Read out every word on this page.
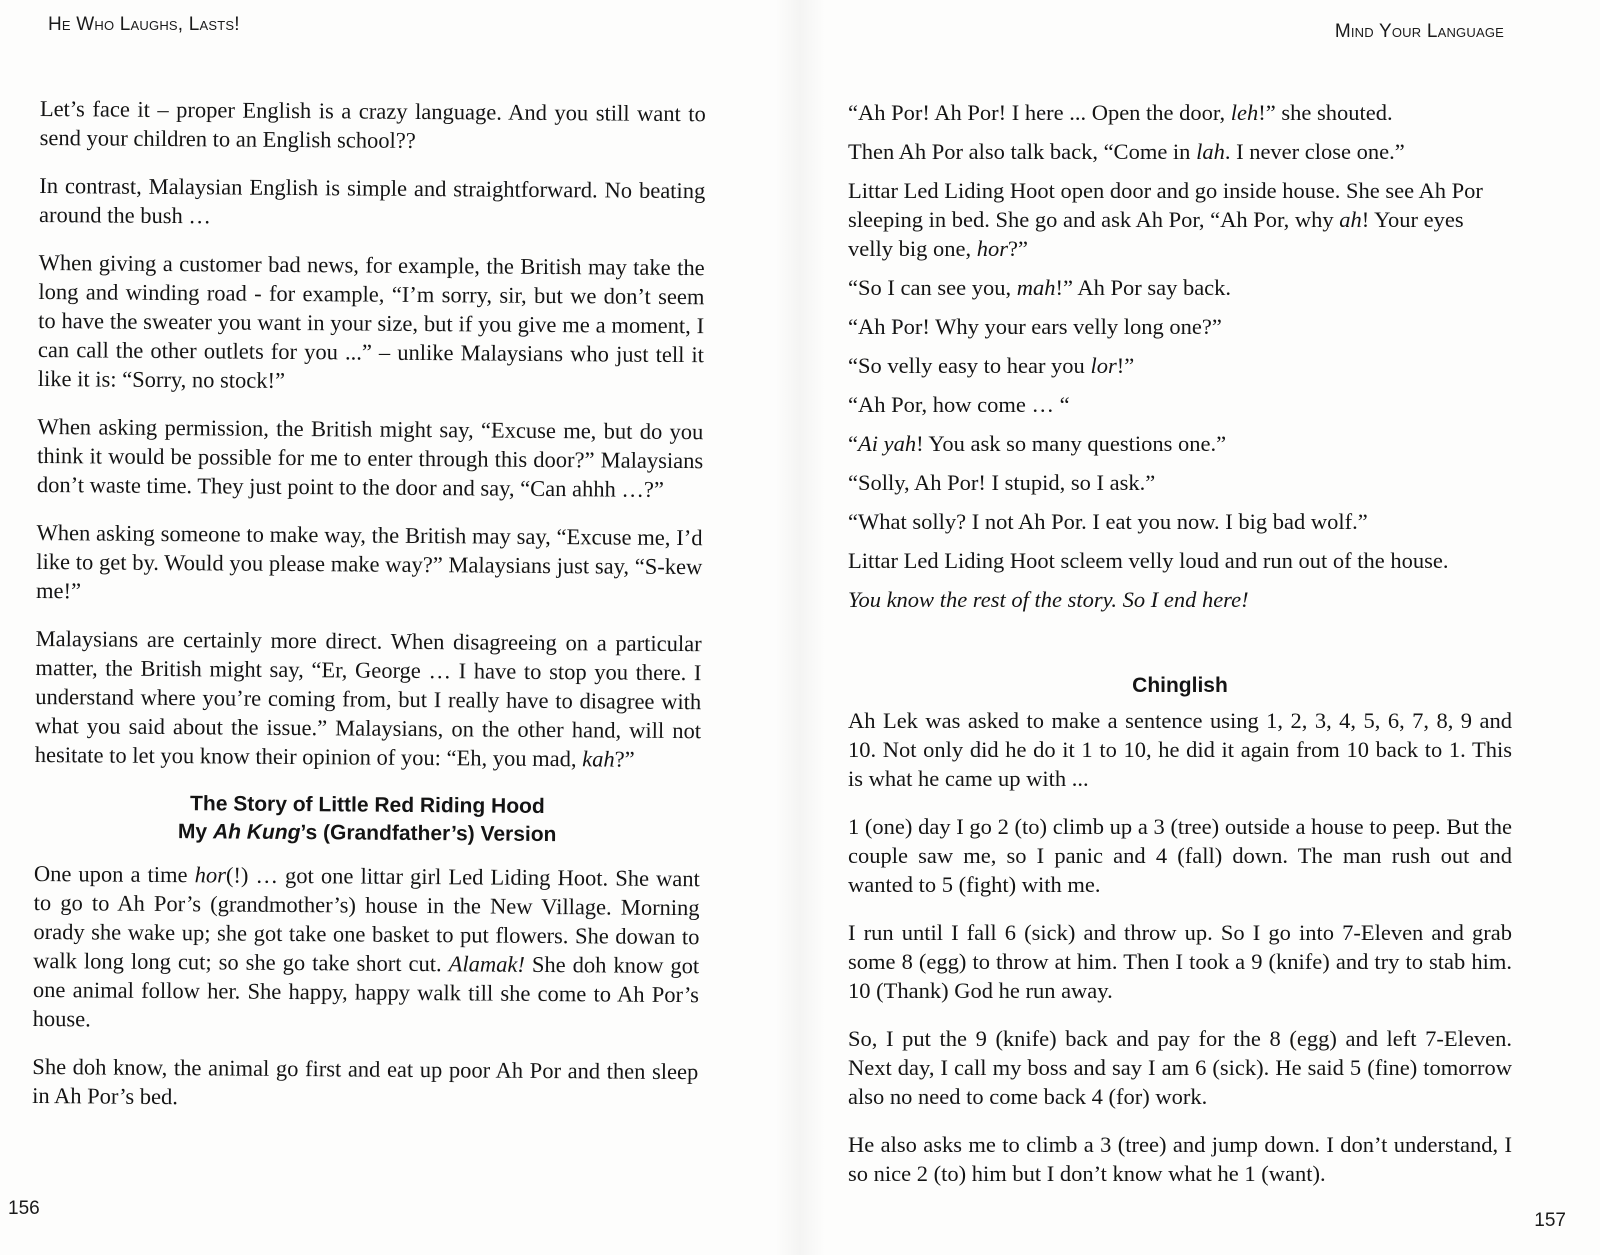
He Who Laughs, Lasts!

Let’s face it – proper English is a crazy language. And you still want to send your children to an English school??

In contrast, Malaysian English is simple and straightforward. No beating around the bush …

When giving a customer bad news, for example, the British may take the long and winding road - for example, “I’m sorry, sir, but we don’t seem to have the sweater you want in your size, but if you give me a moment, I can call the other outlets for you ...” – unlike Malaysians who just tell it like it is: “Sorry, no stock!”

When asking permission, the British might say, “Excuse me, but do you think it would be possible for me to enter through this door?” Malaysians don’t waste time. They just point to the door and say, “Can ahhh …?”

When asking someone to make way, the British may say, “Excuse me, I’d like to get by. Would you please make way?” Malaysians just say, “S-kew me!”

Malaysians are certainly more direct. When disagreeing on a particular matter, the British might say, “Er, George … I have to stop you there. I understand where you’re coming from, but I really have to disagree with what you said about the issue.” Malaysians, on the other hand, will not hesitate to let you know their opinion of you: “Eh, you mad, kah?”

The Story of Little Red Riding Hood
My Ah Kung’s (Grandfather’s) Version

One upon a time hor(!) … got one littar girl Led Liding Hoot. She want to go to Ah Por’s (grandmother’s) house in the New Village. Morning orady she wake up; she got take one basket to put flowers. She dowan to walk long long cut; so she go take short cut. Alamak! She doh know got one animal follow her. She happy, happy walk till she come to Ah Por’s house.

She doh know, the animal go first and eat up poor Ah Por and then sleep in Ah Por’s bed.

156
Mind Your Language

“Ah Por! Ah Por! I here ... Open the door, leh!” she shouted.

Then Ah Por also talk back, “Come in lah. I never close one.”

Littar Led Liding Hoot open door and go inside house. She see Ah Por sleeping in bed. She go and ask Ah Por, “Ah Por, why ah! Your eyes velly big one, hor?”

“So I can see you, mah!” Ah Por say back.

“Ah Por! Why your ears velly long one?”

“So velly easy to hear you lor!”

“Ah Por, how come … “

“Ai yah! You ask so many questions one.”

“Solly, Ah Por! I stupid, so I ask.”

“What solly? I not Ah Por. I eat you now. I big bad wolf.”

Littar Led Liding Hoot scleem velly loud and run out of the house.

You know the rest of the story. So I end here!

Chinglish

Ah Lek was asked to make a sentence using 1, 2, 3, 4, 5, 6, 7, 8, 9 and 10. Not only did he do it 1 to 10, he did it again from 10 back to 1. This is what he came up with ...

1 (one) day I go 2 (to) climb up a 3 (tree) outside a house to peep. But the couple saw me, so I panic and 4 (fall) down. The man rush out and wanted to 5 (fight) with me.

I run until I fall 6 (sick) and throw up. So I go into 7-Eleven and grab some 8 (egg) to throw at him. Then I took a 9 (knife) and try to stab him. 10 (Thank) God he run away.

So, I put the 9 (knife) back and pay for the 8 (egg) and left 7-Eleven. Next day, I call my boss and say I am 6 (sick). He said 5 (fine) tomorrow also no need to come back 4 (for) work.

He also asks me to climb a 3 (tree) and jump down. I don’t understand, I so nice 2 (to) him but I don’t know what he 1 (want).

157
